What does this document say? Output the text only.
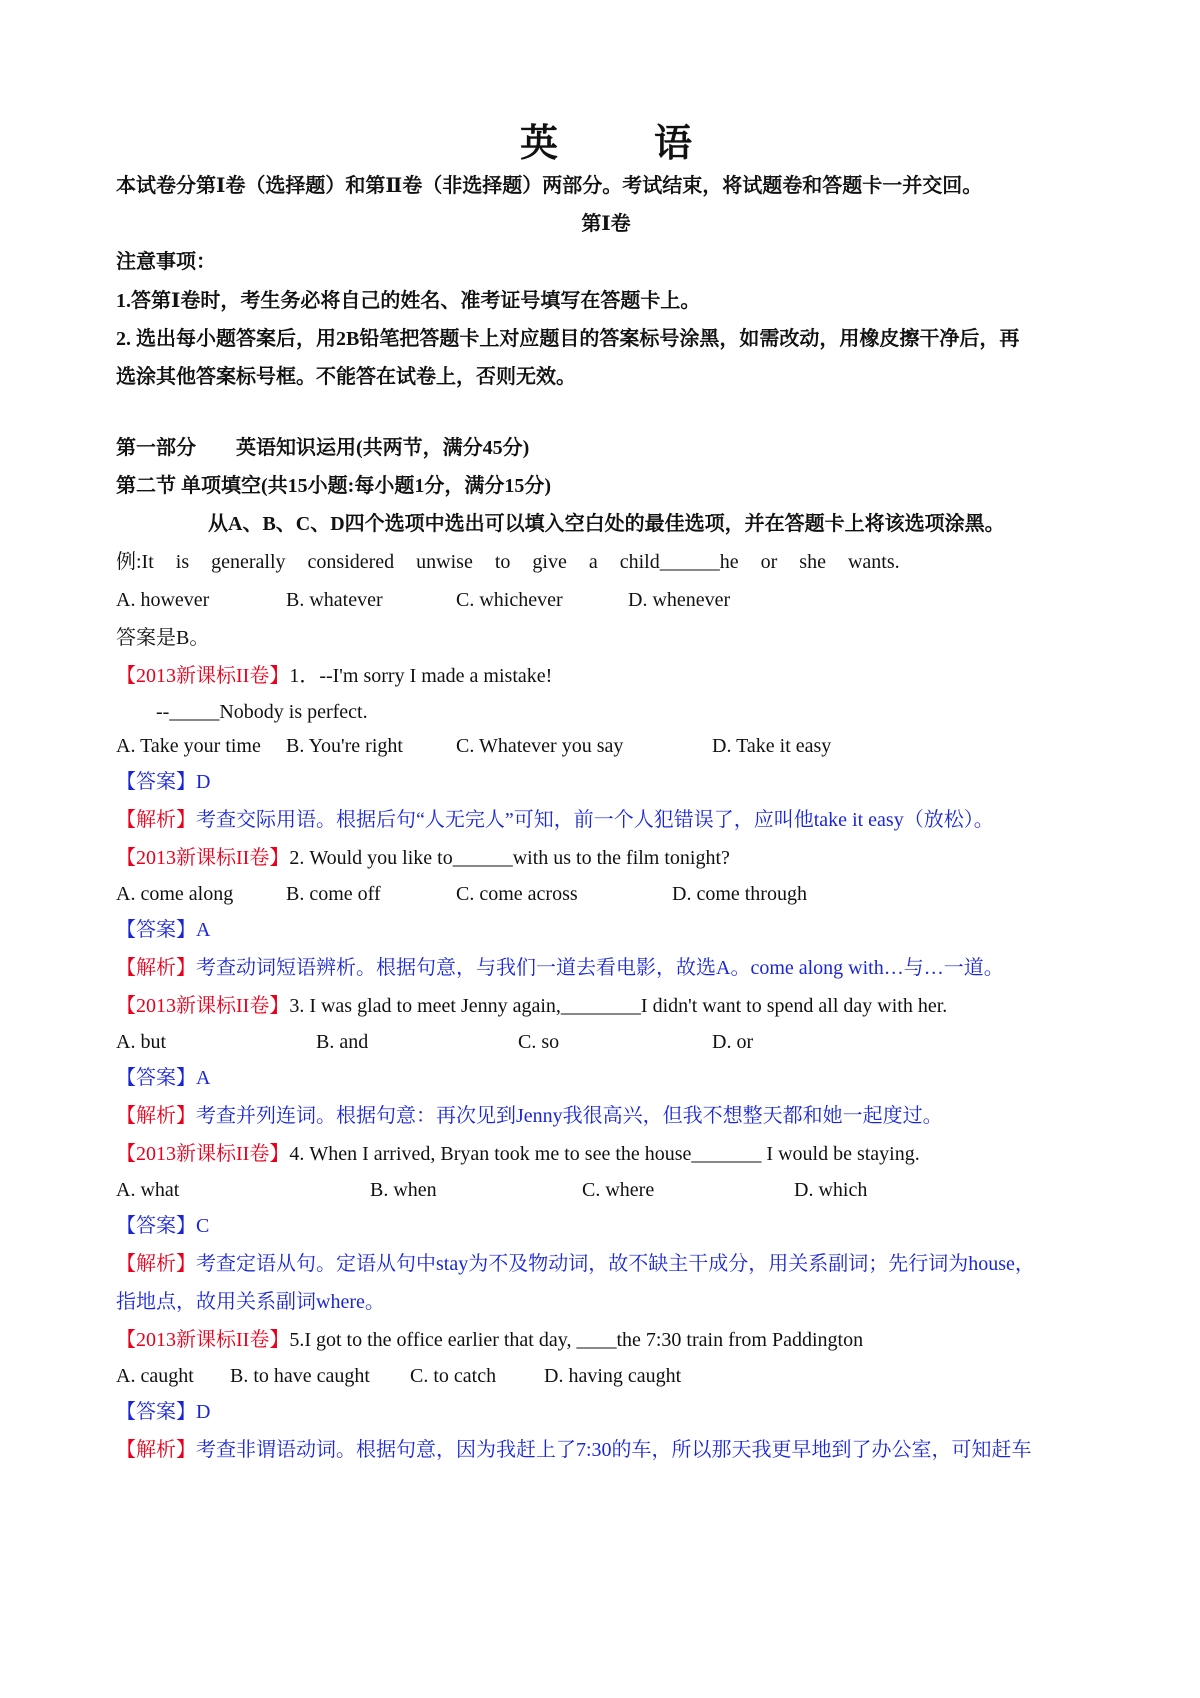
英	语
本试卷分第Ⅰ卷（选择题）和第Ⅱ卷（非选择题）两部分。考试结束，将试题卷和答题卡一并交回。
第Ⅰ卷
注意事项：
1.答第Ⅰ卷时，考生务必将自己的姓名、准考证号填写在答题卡上。
2. 选出每小题答案后，用2B铅笔把答题卡上对应题目的答案标号涂黑，如需改动，用橡皮擦干净后，再
选涂其他答案标号框。不能答在试卷上，否则无效。
第一部分　　英语知识运用(共两节，满分45分)
第二节 单项填空(共15小题:每小题1分，满分15分)
从A、B、C、D四个选项中选出可以填入空白处的最佳选项，并在答题卡上将该选项涂黑。
例:It is generally considered unwise to give a child______he or she wants.
A. however	B. whatever	C. whichever	D. whenever
答案是B。
【2013新课标II卷】1．--I'm sorry I made a mistake!
--_____Nobody is perfect.
A. Take your time B. You're right	C. Whatever you say	D. Take it easy
【答案】D
【解析】考查交际用语。根据后句“人无完人”可知，前一个人犯错误了，应叫他take it easy（放松）。
【2013新课标II卷】2. Would you like to______with us to the film tonight?
A. come along	B. come off	C. come across	D. come through
【答案】A
【解析】考查动词短语辨析。根据句意，与我们一道去看电影，故选A。come along with…与…一道。
【2013新课标II卷】3. I was glad to meet Jenny again,________I didn't want to spend all day with her.
A. but	B. and	C. so	D. or
【答案】A
【解析】考查并列连词。根据句意：再次见到Jenny我很高兴，但我不想整天都和她一起度过。
【2013新课标II卷】4. When I arrived, Bryan took me to see the house_______ I would be staying.
A. what	B. when	C. where	D. which
【答案】C
【解析】考查定语从句。定语从句中stay为不及物动词，故不缺主干成分，用关系副词；先行词为house，
指地点，故用关系副词where。
【2013新课标II卷】5.I got to the office earlier that day, ____the 7:30 train from Paddington
A. caught B. to have caught C. to catch D. having caught
【答案】D
【解析】考查非谓语动词。根据句意，因为我赶上了7:30的车，所以那天我更早地到了办公室，可知赶车
